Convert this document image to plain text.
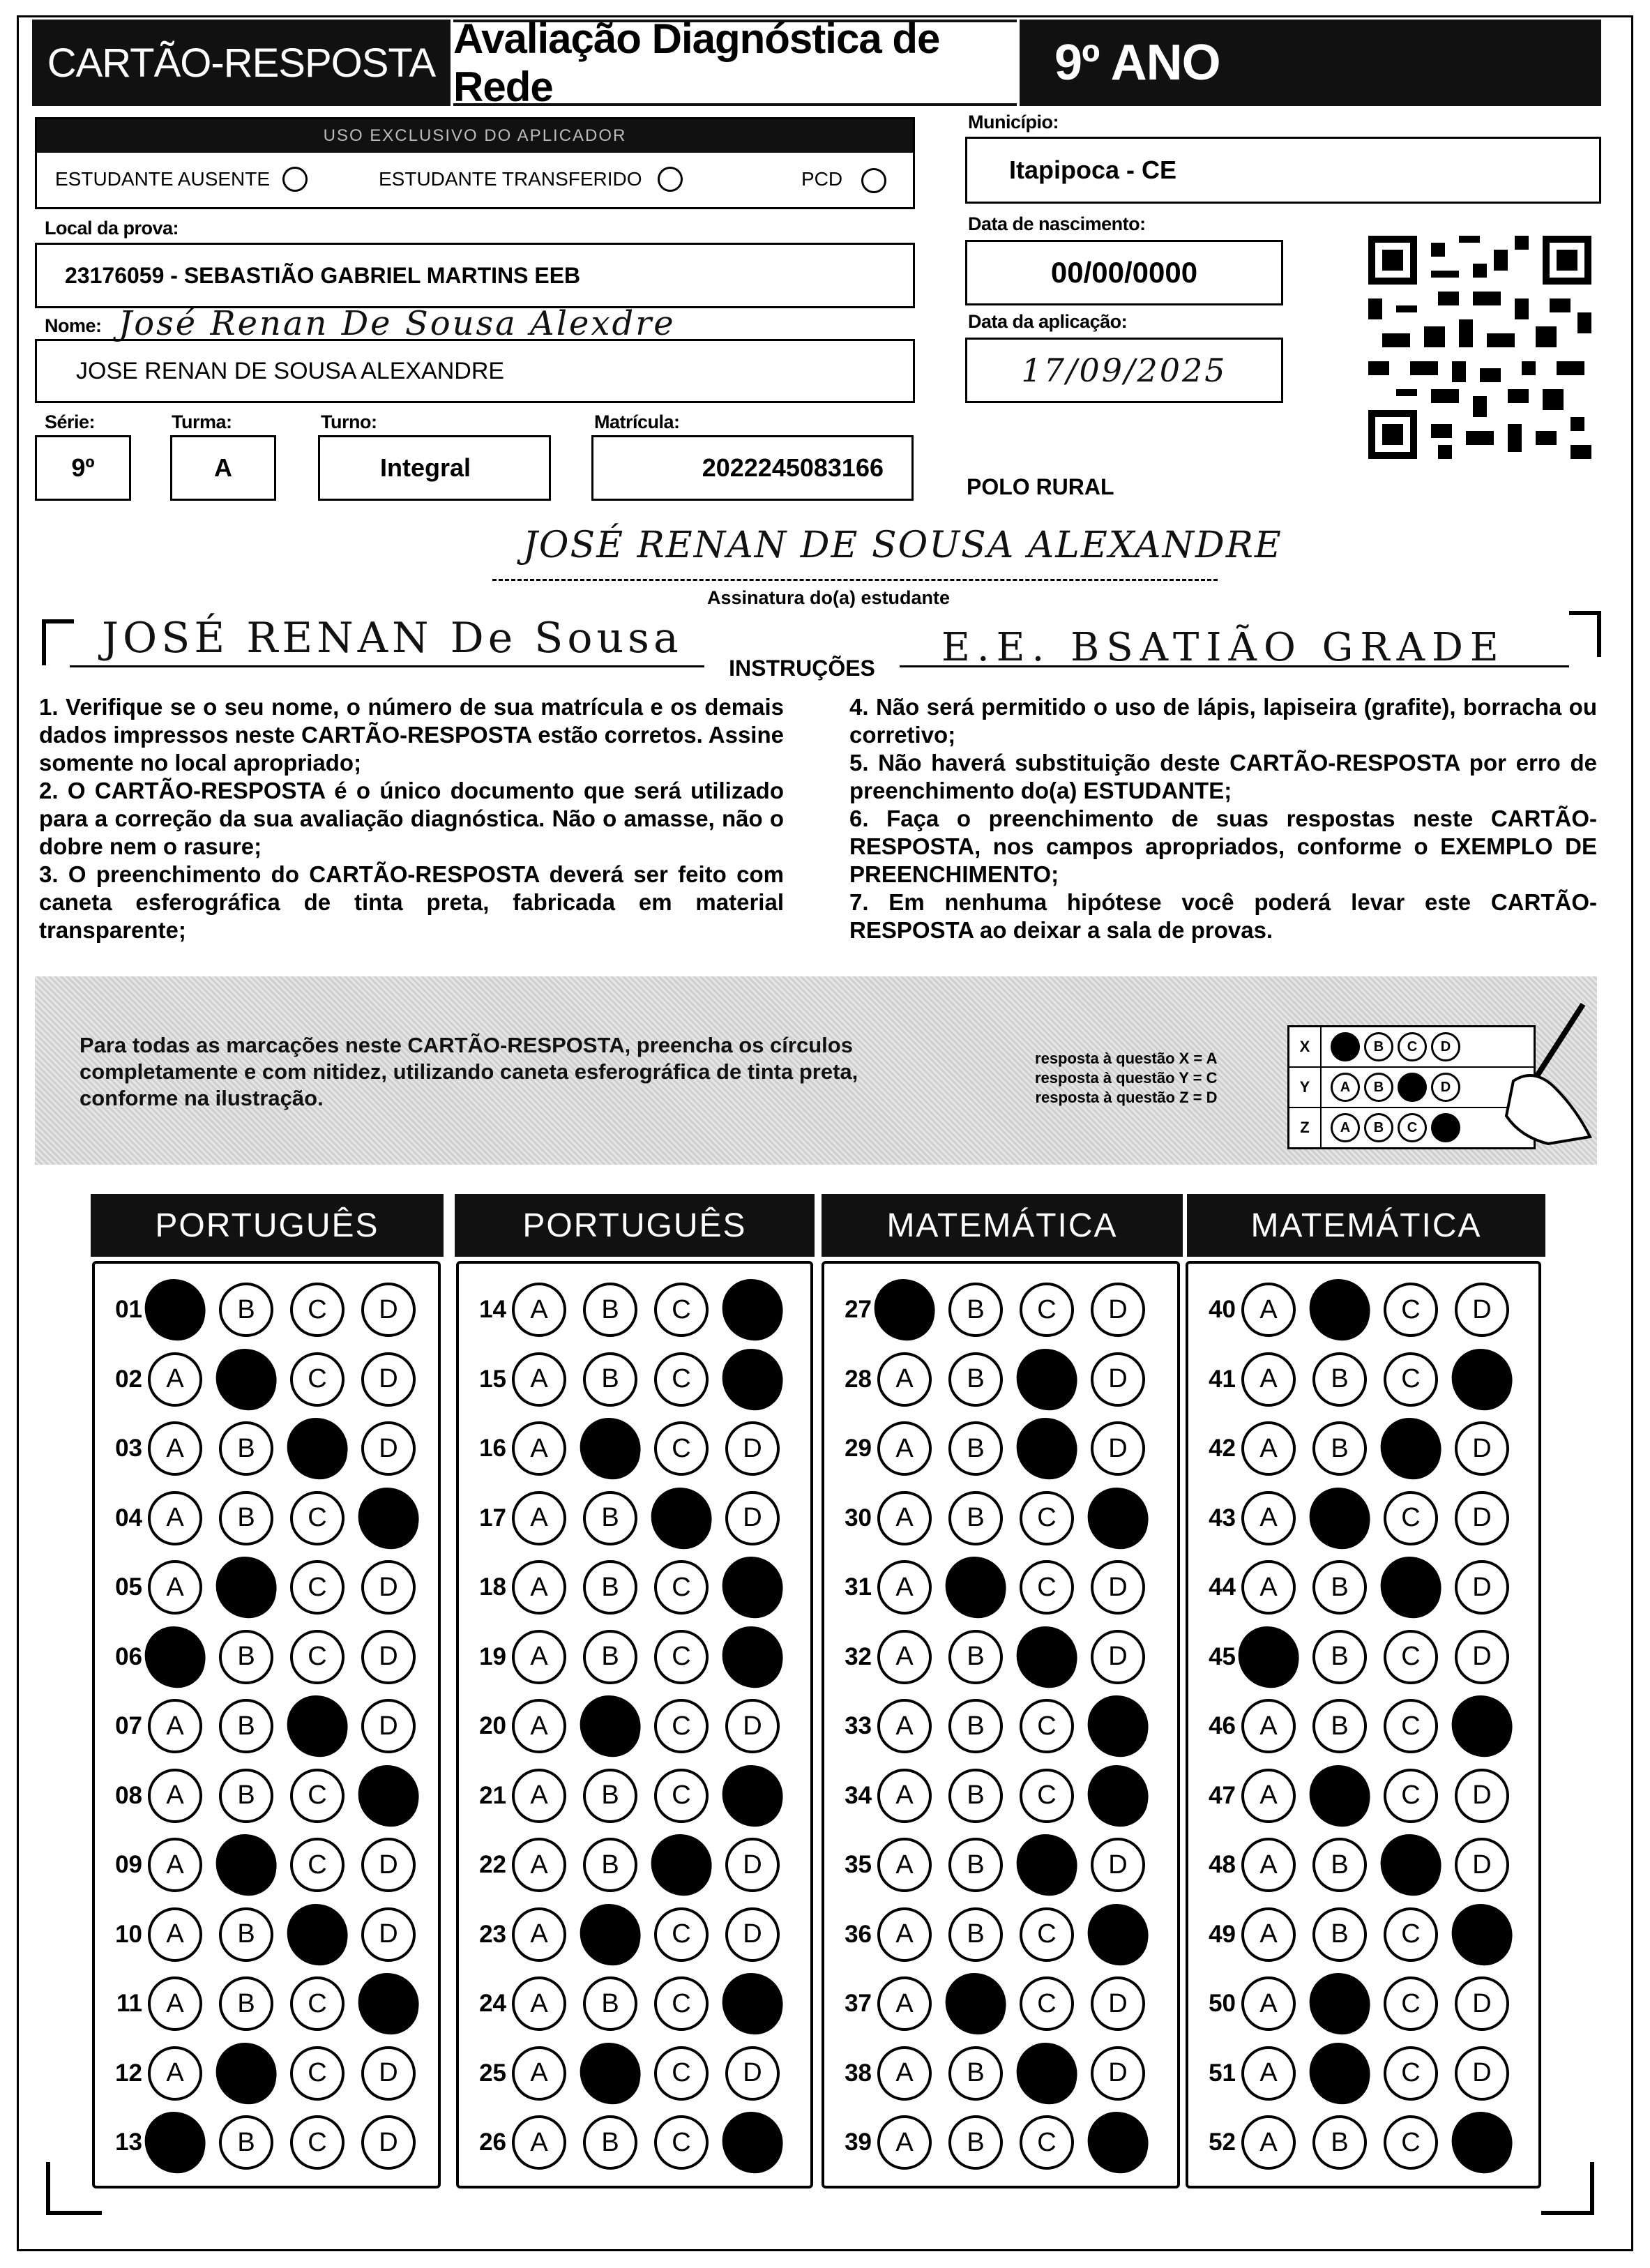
CARTÃO-RESPOSTA
Avaliação Diagnóstica de Rede	9º ANO
USO EXCLUSIVO DO APLICADOR
ESTUDANTE AUSENTE	ESTUDANTE TRANSFERIDO	PCD
Município:
Itapipoca - CE
Local da prova:
23176059 - SEBASTIÃO GABRIEL MARTINS EEB
Data de nascimento:
00/00/0000
Nome: José Renan De Sousa Alexdre
JOSE RENAN DE SOUSA ALEXANDRE
Data da aplicação:
17/09/2025
Série:
9º
Turma:
A
Turno:
Integral
Matrícula:
2022245083166
POLO RURAL
JOSÉ RENAN DE SOUSA ALEXANDRE
Assinatura do(a) estudante
JOSÉ RENAN De Sousa	E.E. BSATIÃO GRADE
INSTRUÇÕES

1. Verifique se o seu nome, o número de sua matrícula e os demais dados impressos neste CARTÃO-RESPOSTA estão corretos. Assine somente no local apropriado;

2. O CARTÃO-RESPOSTA é o único documento que será utilizado para a correção da sua avaliação diagnóstica. Não o amasse, não o dobre nem o rasure;

3. O preenchimento do CARTÃO-RESPOSTA deverá ser feito com caneta esferográfica de tinta preta, fabricada em material transparente;

4. Não será permitido o uso de lápis, lapiseira (grafite), borracha ou corretivo;

5. Não haverá substituição deste CARTÃO-RESPOSTA por erro de preenchimento do(a) ESTUDANTE;

6. Faça o preenchimento de suas respostas neste CARTÃO-RESPOSTA, nos campos apropriados, conforme o EXEMPLO DE PREENCHIMENTO;

7. Em nenhuma hipótese você poderá levar este CARTÃO-RESPOSTA ao deixar a sala de provas.

Para todas as marcações neste CARTÃO-RESPOSTA, preencha os círculos completamente e com nitidez, utilizando caneta esferográfica de tinta preta, conforme na ilustração.
resposta à questão X = A
resposta à questão Y = C
resposta à questão Z = D
X	A	B	C	D
Y	A	B	C	D
Z	A	B	C	D
PORTUGUÊS	PORTUGUÊS	MATEMÁTICA	MATEMÁTICA
01 A	B	C	D
02 A	B	C	D
03 A	B	C	D
04 A	B	C	D
05 A	B	C	D
06 A	B	C	D
07 A	B	C	D
08 A	B	C	D
09 A	B	C	D
10 A	B	C	D
11 A	B	C	D
12 A	B	C	D
13 A	B	C	D
14 A	B	C	D
15 A	B	C	D
16 A	B	C	D
17 A	B	C	D
18 A	B	C	D
19 A	B	C	D
20 A	B	C	D
21 A	B	C	D
22 A	B	C	D
23 A	B	C	D
24 A	B	C	D
25 A	B	C	D
26 A	B	C	D
27 A	B	C	D
28 A	B	C	D
29 A	B	C	D
30 A	B	C	D
31 A	B	C	D
32 A	B	C	D
33 A	B	C	D
34 A	B	C	D
35 A	B	C	D
36 A	B	C	D
37 A	B	C	D
38 A	B	C	D
39 A	B	C	D
40 A	B	C	D
41 A	B	C	D
42 A	B	C	D
43 A	B	C	D
44 A	B	C	D
45 A	B	C	D
46 A	B	C	D
47 A	B	C	D
48 A	B	C	D
49 A	B	C	D
50 A	B	C	D
51 A	B	C	D
52 A	B	C	D
